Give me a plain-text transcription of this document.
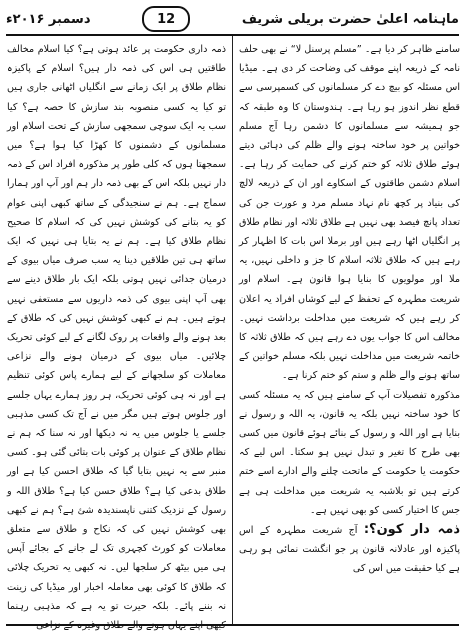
ماہنامہ اعلیٰ حضرت بریلی شریف
12
دسمبر ۲۰۱۶ء

سامنے ظاہر کر دیا ہے۔ ”مسلم پرسنل لا“ نے بھی حلف نامہ کے ذریعہ اپنے موقف کی وضاحت کر دی ہے۔ میڈیا اس مسئلہ کو بیچ دے کر مسلمانوں کی کسمپرسی سے قطع نظر اندوز ہو رہا ہے۔ ہندوستان کا وہ طبقہ کہ جو ہمیشہ سے مسلمانوں کا دشمن رہا آج مسلم خواتین پر خود ساختہ ہونے والے ظلم کی دہائی دیتے ہوئے طلاق ثلاثہ کو ختم کرنے کی حمایت کر رہا ہے۔ اسلام دشمن طاقتوں کے اسکاوے اور ان کے ذریعہ لالچ کی بنیاد پر کچھ نام نہاد مسلم مرد و عورت جن کی تعداد پانچ فیصد بھی نہیں ہے طلاق ثلاثہ اور نظام طلاق پر انگلیاں اٹھا رہے ہیں اور برملا اس بات کا اظہار کر رہے ہیں کہ طلاق ثلاثہ اسلام کا جز و داخلی نہیں، یہ ملا اور مولویوں کا بنایا ہوا قانون ہے۔ اسلام اور شریعت مطہرہ کے تحفظ کے لیے کوشاں افراد یہ اعلان کر رہے ہیں کہ شریعت میں مداخلت برداشت نہیں۔ مخالف اس کا جواب یوں دے رہے ہیں کہ طلاق ثلاثہ کا خاتمہ شریعت میں مداخلت نہیں بلکہ مسلم خواتین کے ساتھ ہونے والے ظلم و ستم کو ختم کرنا ہے۔

مذکورہ تفصیلات آپ کے سامنے ہیں کہ یہ مسئلہ کسی کا خود ساختہ نہیں بلکہ یہ قانون، یہ اللہ و رسول نے بنایا ہے اور اللہ و رسول کے بنائے ہوئے قانون میں کسی بھی طرح کا تغیر و تبدل نہیں ہو سکتا۔ اس لیے کہ حکومت یا حکومت کے ماتحت چلنے والے ادارے اسے ختم کرتے ہیں تو بلاشبہ یہ شریعت میں مداخلت ہی ہے جس کا اختیار کسی کو بھی نہیں ہے۔

ذمہ دار کون؟: آج شریعت مطہرہ کے اس پاکیزہ اور عادلانہ قانون پر جو انگشت نمائی ہو رہی ہے کیا حقیقت میں اس کی

ذمہ داری حکومت پر عائد ہوتی ہے؟ کیا اسلام مخالف طاقتیں ہی اس کی ذمہ دار ہیں؟ اسلام کے پاکیزہ نظام طلاق پر ایک زمانے سے انگلیاں اٹھانی جاری ہیں تو کیا یہ کسی منصوبہ بند سازش کا حصہ ہے؟ کیا سب یہ ایک سوچی سمجھی سازش کے تحت اسلام اور مسلمانوں کے دشمنوں کا کھڑا کیا ہوا ہے؟ میں سمجھتا ہوں کہ کلی طور پر مذکورہ افراد اس کے ذمہ دار نہیں بلکہ اس کے بھی ذمہ دار ہم اور آپ اور ہمارا سماج ہے۔ ہم نے سنجیدگی کے ساتھ کبھی اپنی عوام کو یہ بتانے کی کوشش نہیں کی کہ اسلام کا صحیح نظام طلاق کیا ہے۔ ہم نے یہ بتایا ہی نہیں کہ ایک ساتھ ہی تین طلاقیں دینا یہ سب صرف میاں بیوی کے درمیان جدائی نہیں ہوتی بلکہ ایک بار طلاق دینے سے بھی آپ اپنی بیوی کی ذمہ داریوں سے مستعفی نہیں ہوتے ہیں۔ ہم نے کبھی کوشش نہیں کی کہ طلاق کے بعد ہونے والے واقعات پر روک لگانے کے لیے کوئی تحریک چلائیں۔ میاں بیوی کے درمیان ہونے والے نزاعی معاملات کو سلجھانے کے لیے ہمارے پاس کوئی تنظیم ہے اور نہ ہی کوئی تحریک، ہر روز ہمارے یہاں جلسے اور جلوس ہوتے ہیں مگر میں نے آج تک کسی مذہبی جلسے یا جلوس میں یہ نہ دیکھا اور نہ سنا کہ ہم نے نظام طلاق کے عنوان پر کوئی بات بتائی گئی ہو۔ کسی منبر سے یہ نہیں بتایا گیا کہ طلاق احسن کیا ہے اور طلاق بدعی کیا ہے؟ طلاق حسن کیا ہے؟ طلاق اللہ و رسول کے نزدیک کتنی ناپسندیدہ شئ ہے؟ ہم نے کبھی بھی کوشش نہیں کی کہ نکاح و طلاق سے متعلق معاملات کو کورٹ کچہری تک لے جانے کے بجائے آپس ہی میں بیٹھ کر سلجھا لیں۔ نہ کبھی یہ تحریک چلائی کہ طلاق کا کوئی بھی معاملہ اخبار اور میڈیا کی زینت نہ بننے پائے۔ بلکہ حیرت تو یہ ہے کہ مذہبی رہنما
